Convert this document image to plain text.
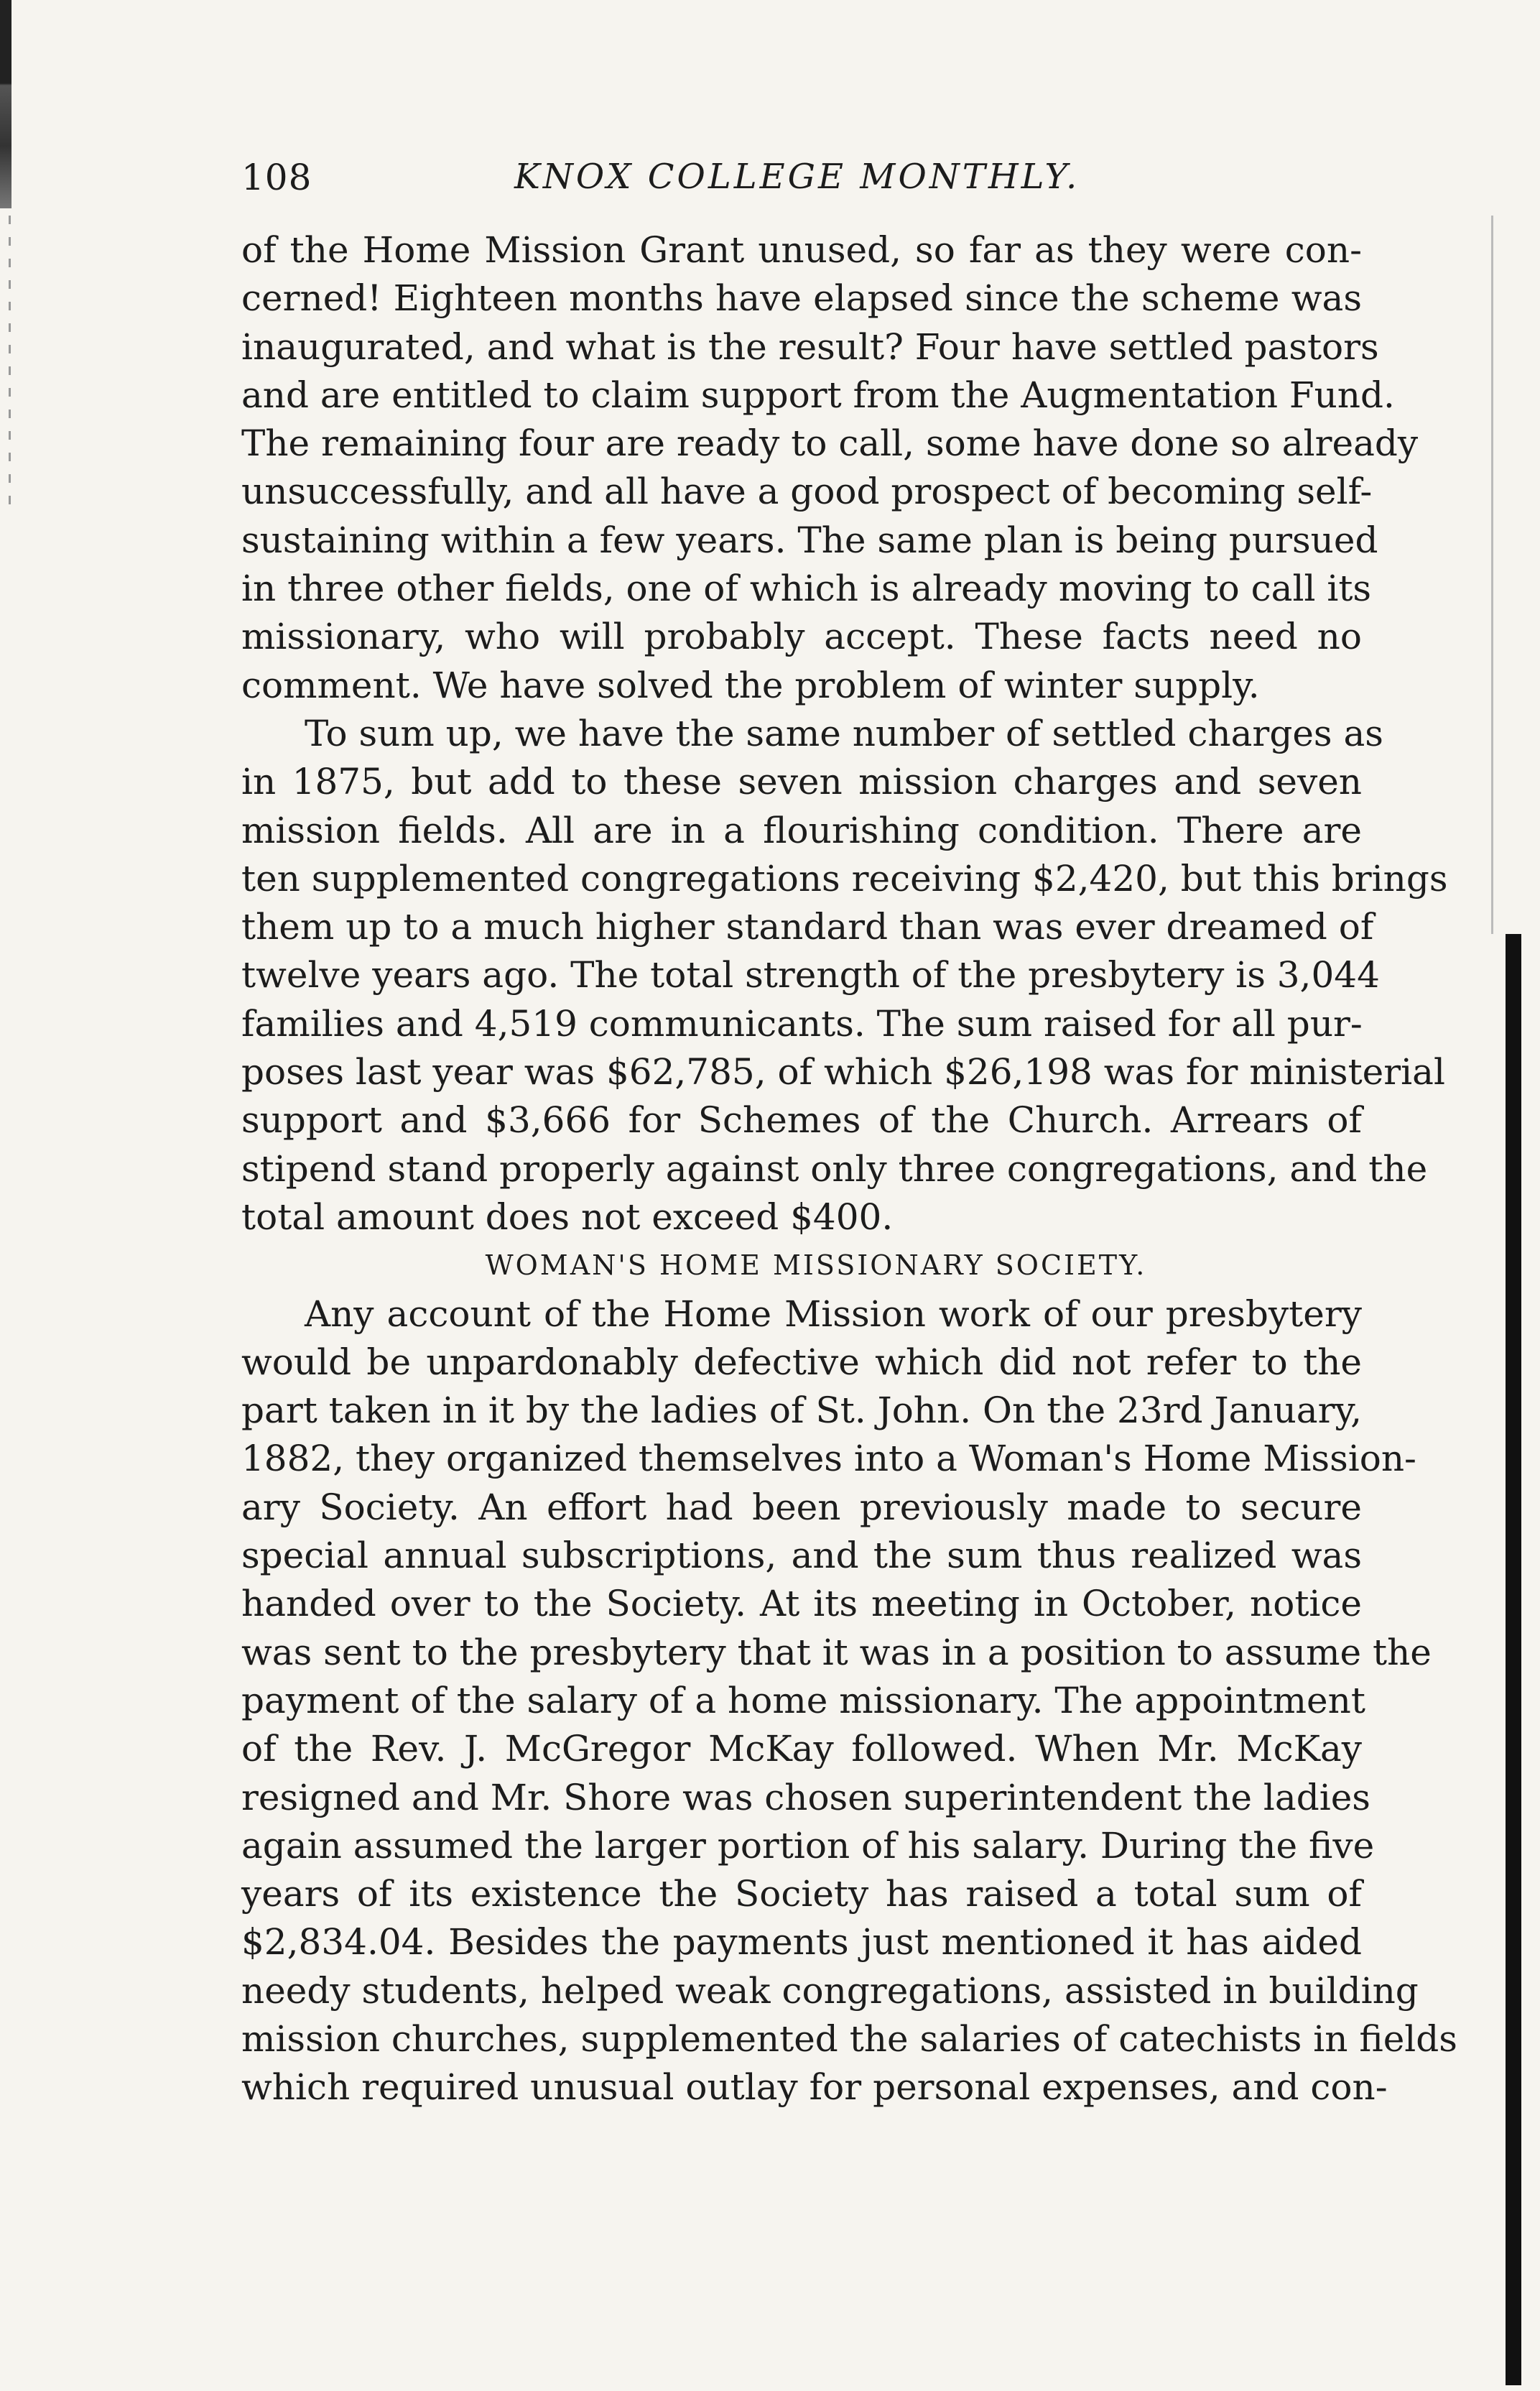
108	KNOX COLLEGE MONTHLY.
of the Home Mission Grant unused, so far as they were con-
cerned! Eighteen months have elapsed since the scheme was
inaugurated, and what is the result? Four have settled pastors
and are entitled to claim support from the Augmentation Fund.
The remaining four are ready to call, some have done so already
unsuccessfully, and all have a good prospect of becoming self-
sustaining within a few years. The same plan is being pursued
in three other fields, one of which is already moving to call its
missionary, who will probably accept. These facts need no
comment. We have solved the problem of winter supply.
To sum up, we have the same number of settled charges as
in 1875, but add to these seven mission charges and seven
mission fields. All are in a flourishing condition. There are
ten supplemented congregations receiving $2,420, but this brings
them up to a much higher standard than was ever dreamed of
twelve years ago. The total strength of the presbytery is 3,044
families and 4,519 communicants. The sum raised for all pur-
poses last year was $62,785, of which $26,198 was for ministerial
support and $3,666 for Schemes of the Church. Arrears of
stipend stand properly against only three congregations, and the
total amount does not exceed $400.
WOMAN'S HOME MISSIONARY SOCIETY.
Any account of the Home Mission work of our presbytery
would be unpardonably defective which did not refer to the
part taken in it by the ladies of St. John. On the 23rd January,
1882, they organized themselves into a Woman's Home Mission-
ary Society. An effort had been previously made to secure
special annual subscriptions, and the sum thus realized was
handed over to the Society. At its meeting in October, notice
was sent to the presbytery that it was in a position to assume the
payment of the salary of a home missionary. The appointment
of the Rev. J. McGregor McKay followed. When Mr. McKay
resigned and Mr. Shore was chosen superintendent the ladies
again assumed the larger portion of his salary. During the five
years of its existence the Society has raised a total sum of
$2,834.04. Besides the payments just mentioned it has aided
needy students, helped weak congregations, assisted in building
mission churches, supplemented the salaries of catechists in fields
which required unusual outlay for personal expenses, and con-
